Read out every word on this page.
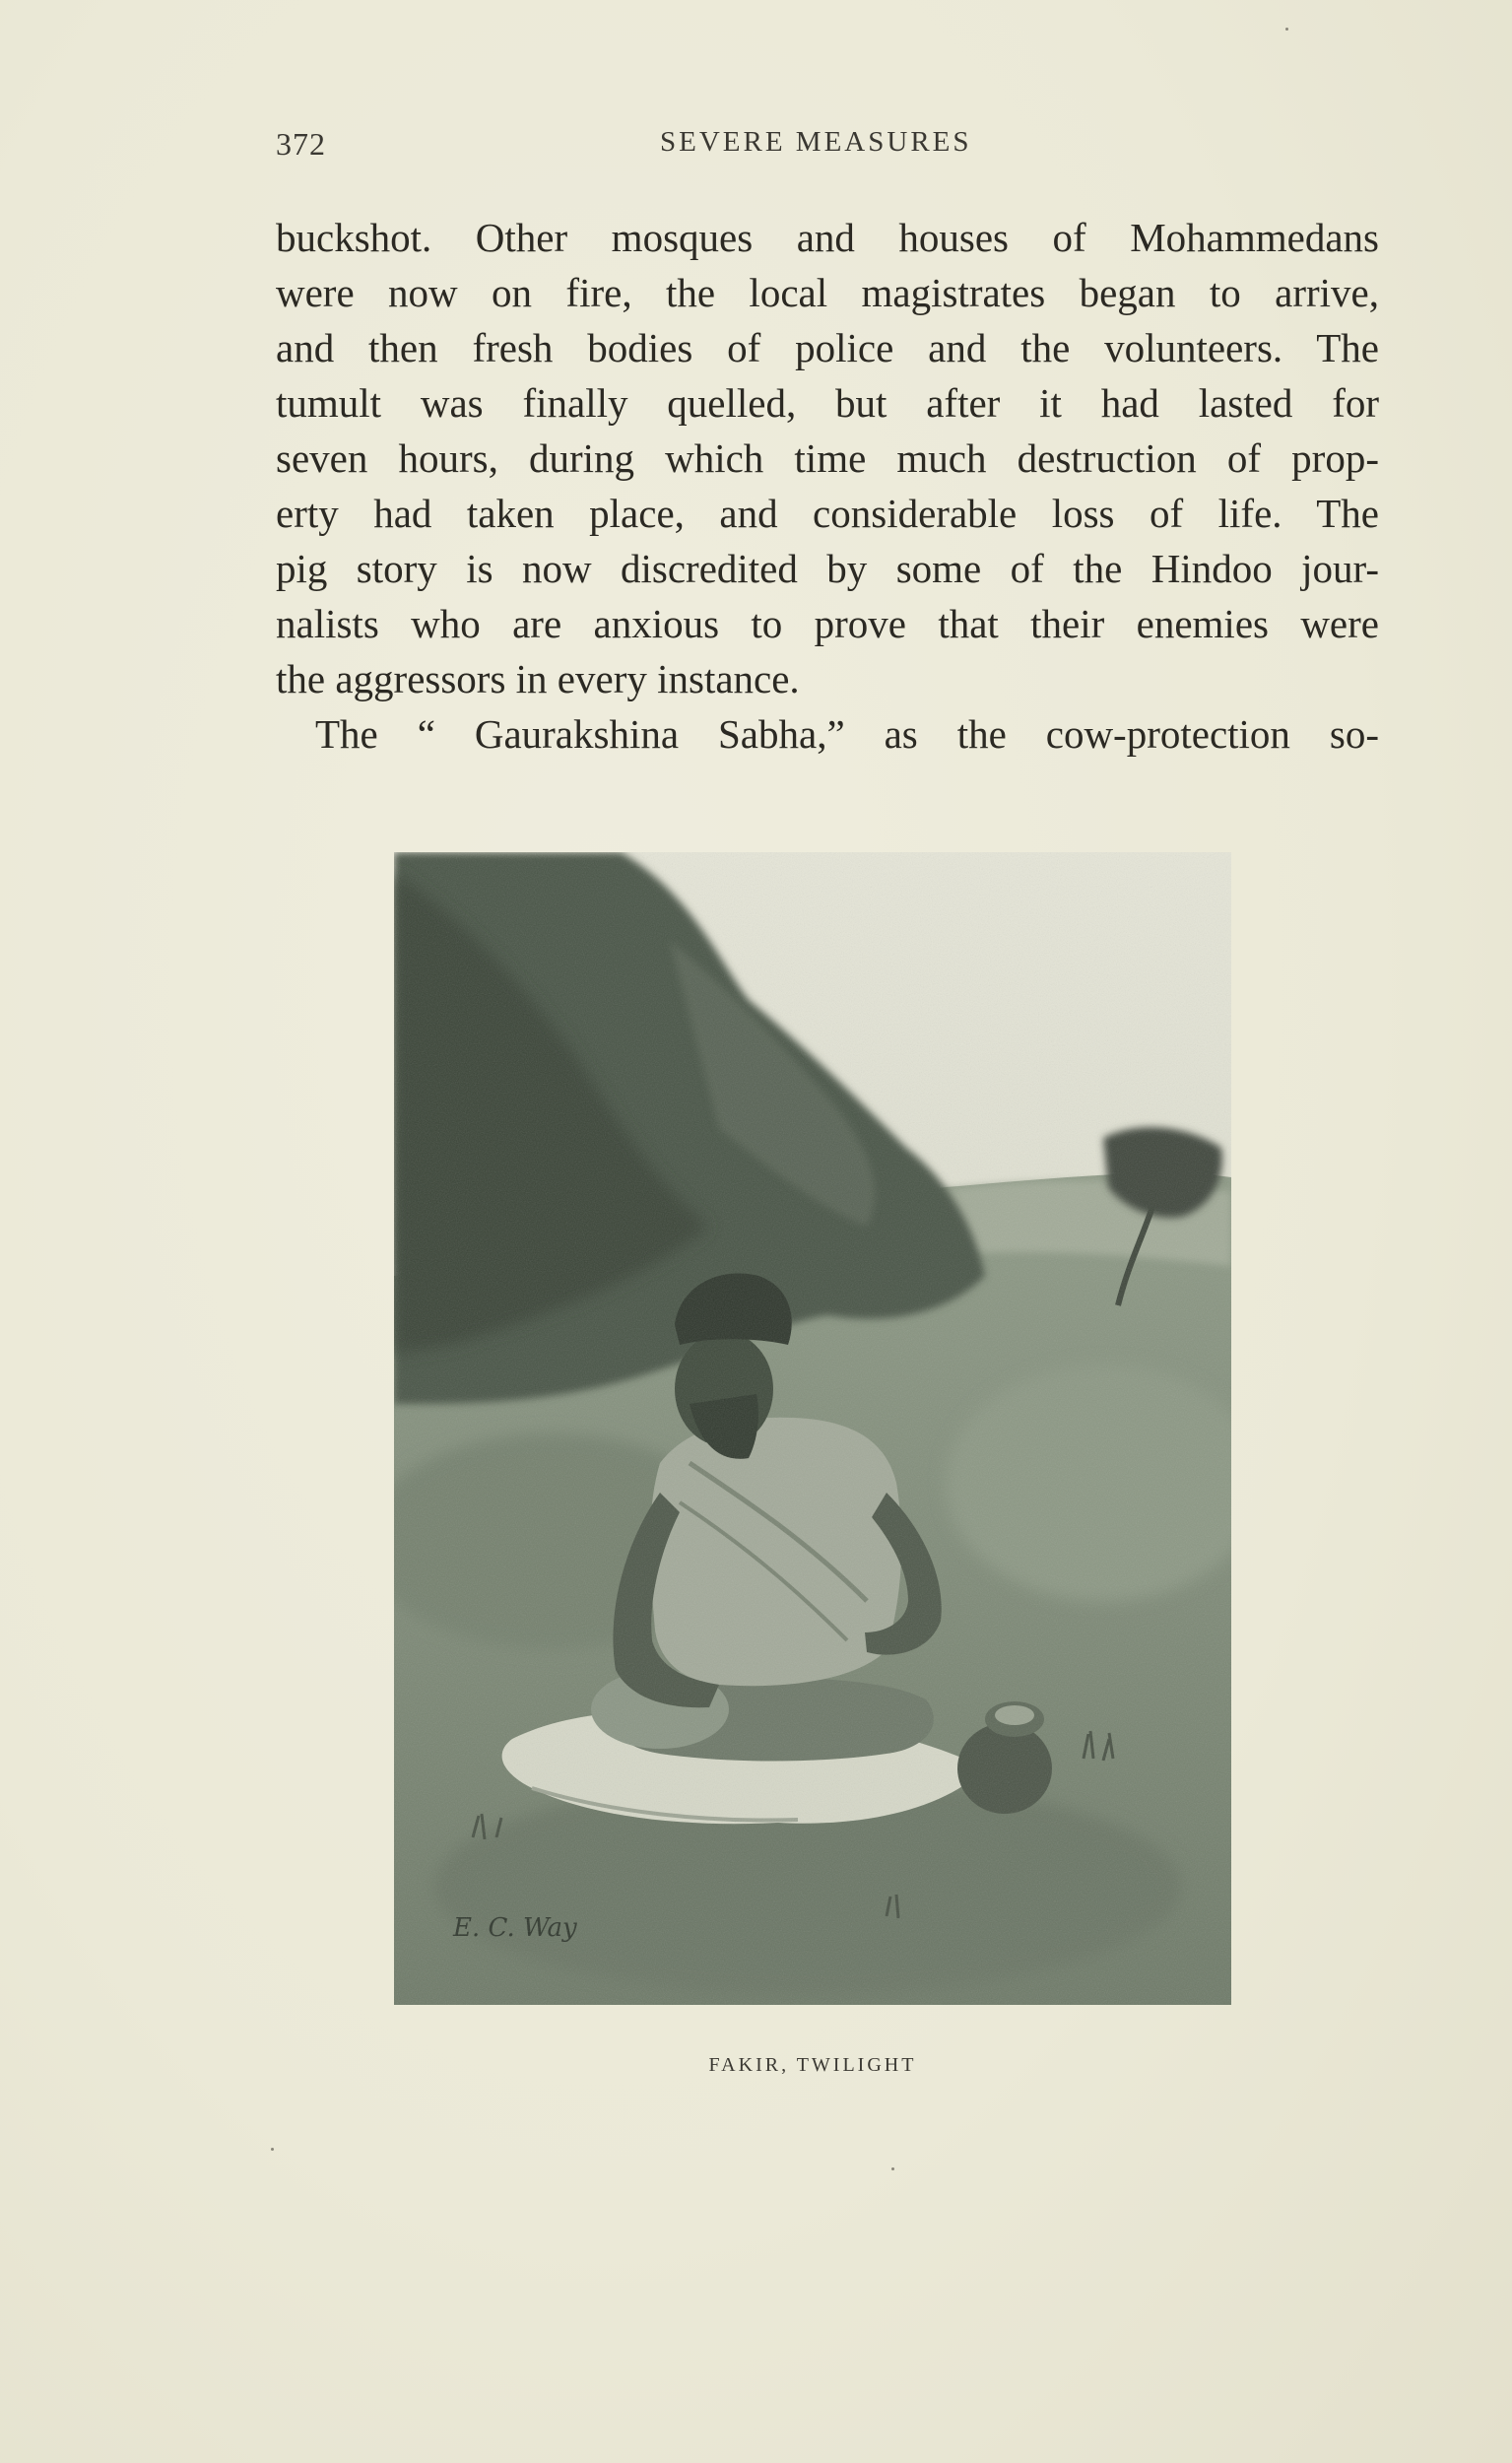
372	SEVERE MEASURES
buckshot. Other mosques and houses of Mohammedans
were now on fire, the local magistrates began to arrive,
and then fresh bodies of police and the volunteers. The
tumult was finally quelled, but after it had lasted for
seven hours, during which time much destruction of prop-
erty had taken place, and considerable loss of life. The
pig story is now discredited by some of the Hindoo jour-
nalists who are anxious to prove that their enemies were
the aggressors in every instance.
The “ Gaurakshina Sabha,” as the cow-protection so-
FAKIR, TWILIGHT
